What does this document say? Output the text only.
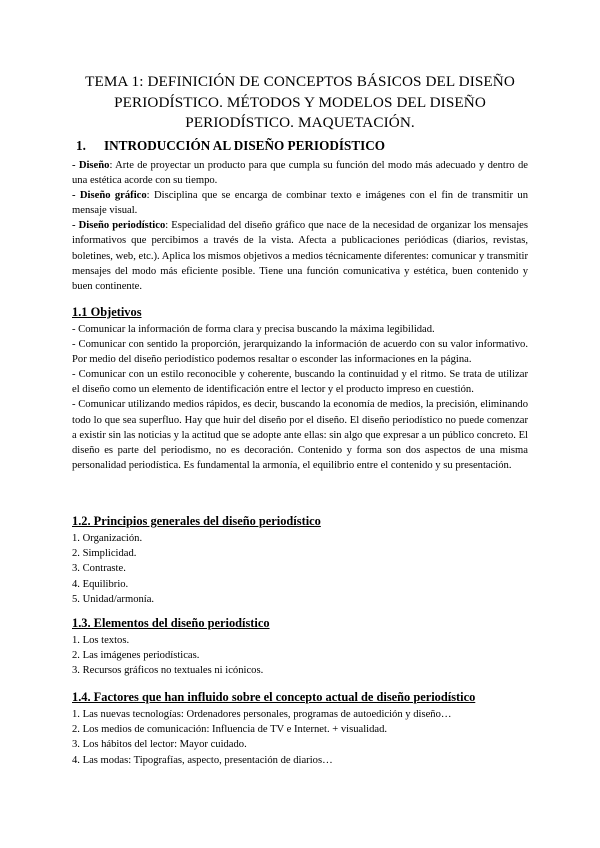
TEMA 1: DEFINICIÓN DE CONCEPTOS BÁSICOS DEL DISEÑO
PERIODÍSTICO. MÉTODOS Y MODELOS DEL DISEÑO
PERIODÍSTICO. MAQUETACIÓN.
1. INTRODUCCIÓN AL DISEÑO PERIODÍSTICO

- Diseño: Arte de proyectar un producto para que cumpla su función del modo más adecuado y dentro de una estética acorde con su tiempo.

- Diseño gráfico: Disciplina que se encarga de combinar texto e imágenes con el fin de transmitir un mensaje visual.

- Diseño periodístico: Especialidad del diseño gráfico que nace de la necesidad de organizar los mensajes informativos que percibimos a través de la vista. Afecta a publicaciones periódicas (diarios, revistas, boletines, web, etc.). Aplica los mismos objetivos a medios técnicamente diferentes: comunicar y transmitir mensajes del modo más eficiente posible. Tiene una función comunicativa y estética, buen contenido y buen continente.

1.1 Objetivos

- Comunicar la información de forma clara y precisa buscando la máxima legibilidad.

- Comunicar con sentido la proporción, jerarquizando la información de acuerdo con su valor informativo. Por medio del diseño periodístico podemos resaltar o esconder las informaciones en la página.

- Comunicar con un estilo reconocible y coherente, buscando la continuidad y el ritmo. Se trata de utilizar el diseño como un elemento de identificación entre el lector y el producto impreso en cuestión.

- Comunicar utilizando medios rápidos, es decir, buscando la economía de medios, la precisión, eliminando todo lo que sea superfluo. Hay que huir del diseño por el diseño. El diseño periodístico no puede comenzar a existir sin las noticias y la actitud que se adopte ante ellas: sin algo que expresar a un público concreto. El diseño es parte del periodismo, no es decoración. Contenido y forma son dos aspectos de una misma personalidad periodística. Es fundamental la armonía, el equilibrio entre el contenido y su presentación.

1.2. Principios generales del diseño periodístico
1. Organización.
2. Simplicidad.
3. Contraste.
4. Equilibrio.
5. Unidad/armonía.
1.3. Elementos del diseño periodístico
1. Los textos.
2. Las imágenes periodísticas.
3. Recursos gráficos no textuales ni icónicos.
1.4. Factores que han influido sobre el concepto actual de diseño periodístico
1. Las nuevas tecnologías: Ordenadores personales, programas de autoedición y diseño…
2. Los medios de comunicación: Influencia de TV e Internet. + visualidad.
3. Los hábitos del lector: Mayor cuidado.
4. Las modas: Tipografías, aspecto, presentación de diarios…
